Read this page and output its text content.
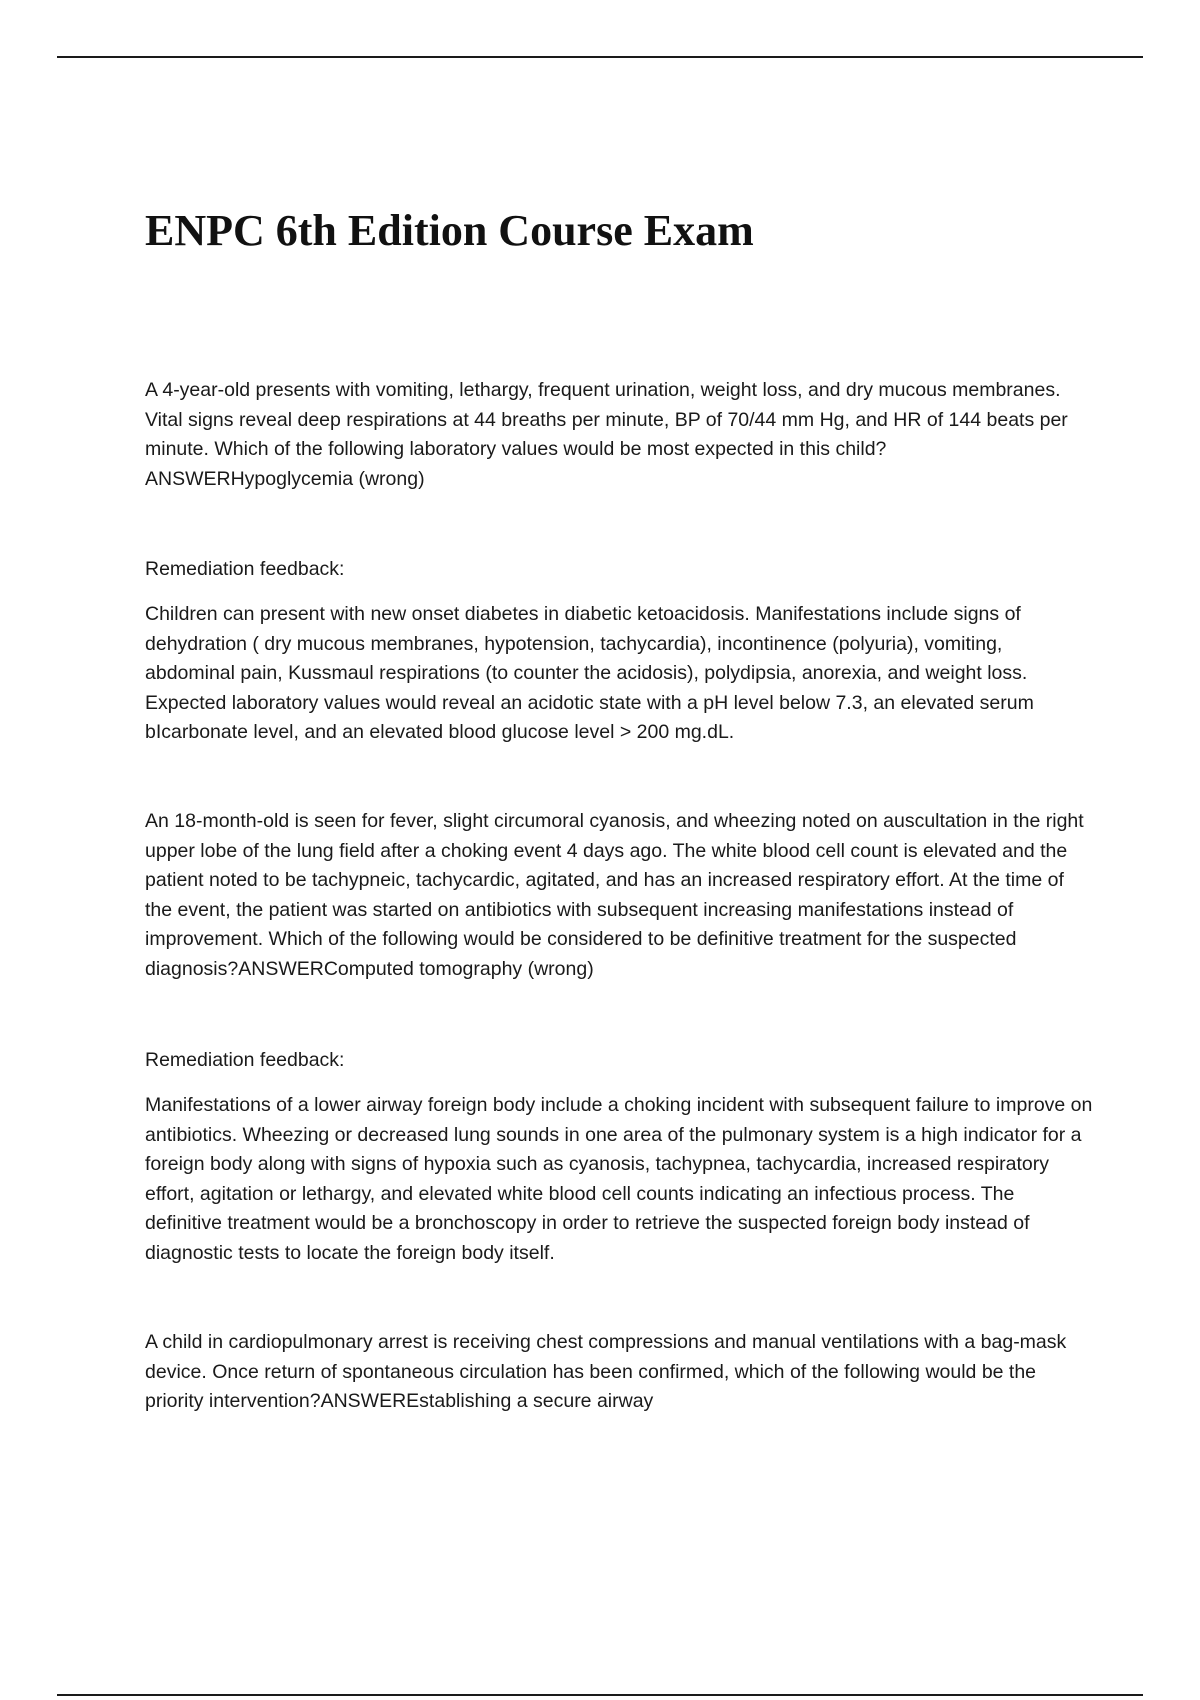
ENPC 6th Edition Course Exam

A 4-year-old presents with vomiting, lethargy, frequent urination, weight loss, and dry mucous membranes. Vital signs reveal deep respirations at 44 breaths per minute, BP of 70/44 mm Hg, and HR of 144 beats per minute. Which of the following laboratory values would be most expected in this child?ANSWERHypoglycemia (wrong)

Remediation feedback:

Children can present with new onset diabetes in diabetic ketoacidosis. Manifestations include signs of dehydration ( dry mucous membranes, hypotension, tachycardia), incontinence (polyuria), vomiting, abdominal pain, Kussmaul respirations (to counter the acidosis), polydipsia, anorexia, and weight loss. Expected laboratory values would reveal an acidotic state with a pH level below 7.3, an elevated serum bIcarbonate level, and an elevated blood glucose level > 200 mg.dL.

An 18-month-old is seen for fever, slight circumoral cyanosis, and wheezing noted on auscultation in the right upper lobe of the lung field after a choking event 4 days ago. The white blood cell count is elevated and the patient noted to be tachypneic, tachycardic, agitated, and has an increased respiratory effort. At the time of the event, the patient was started on antibiotics with subsequent increasing manifestations instead of improvement. Which of the following would be considered to be definitive treatment for the suspected diagnosis?ANSWERComputed tomography (wrong)

Remediation feedback:

Manifestations of a lower airway foreign body include a choking incident with subsequent failure to improve on antibiotics. Wheezing or decreased lung sounds in one area of the pulmonary system is a high indicator for a foreign body along with signs of hypoxia such as cyanosis, tachypnea, tachycardia, increased respiratory effort, agitation or lethargy, and elevated white blood cell counts indicating an infectious process. The definitive treatment would be a bronchoscopy in order to retrieve the suspected foreign body instead of diagnostic tests to locate the foreign body itself.

A child in cardiopulmonary arrest is receiving chest compressions and manual ventilations with a bag-mask device. Once return of spontaneous circulation has been confirmed, which of the following would be the priority intervention?ANSWEREstablishing a secure airway
